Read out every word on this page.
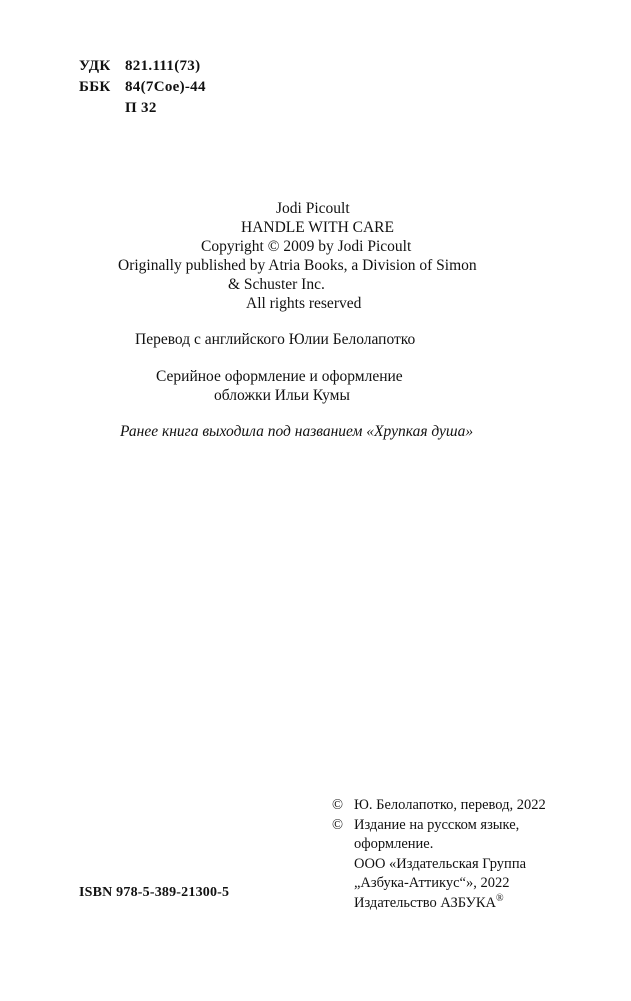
УДК 821.111(73)
ББК 84(7Сое)-44
П 32
Jodi Picoult
HANDLE WITH CARE
Copyright © 2009 by Jodi Picoult
Originally published by Atria Books, a Division of Simon
& Schuster Inc.
All rights reserved
Перевод с английского Юлии Белолапотко
Серийное оформление и оформление
обложки Ильи Кумы
Ранее книга выходила под названием «Хрупкая душа»
© Ю. Белолапотко, перевод, 2022
© Издание на русском языке,
оформление.
ООО «Издательская Группа
„Азбука-Аттикус“», 2022
Издательство АЗБУКА®
ISBN 978-5-389-21300-5
